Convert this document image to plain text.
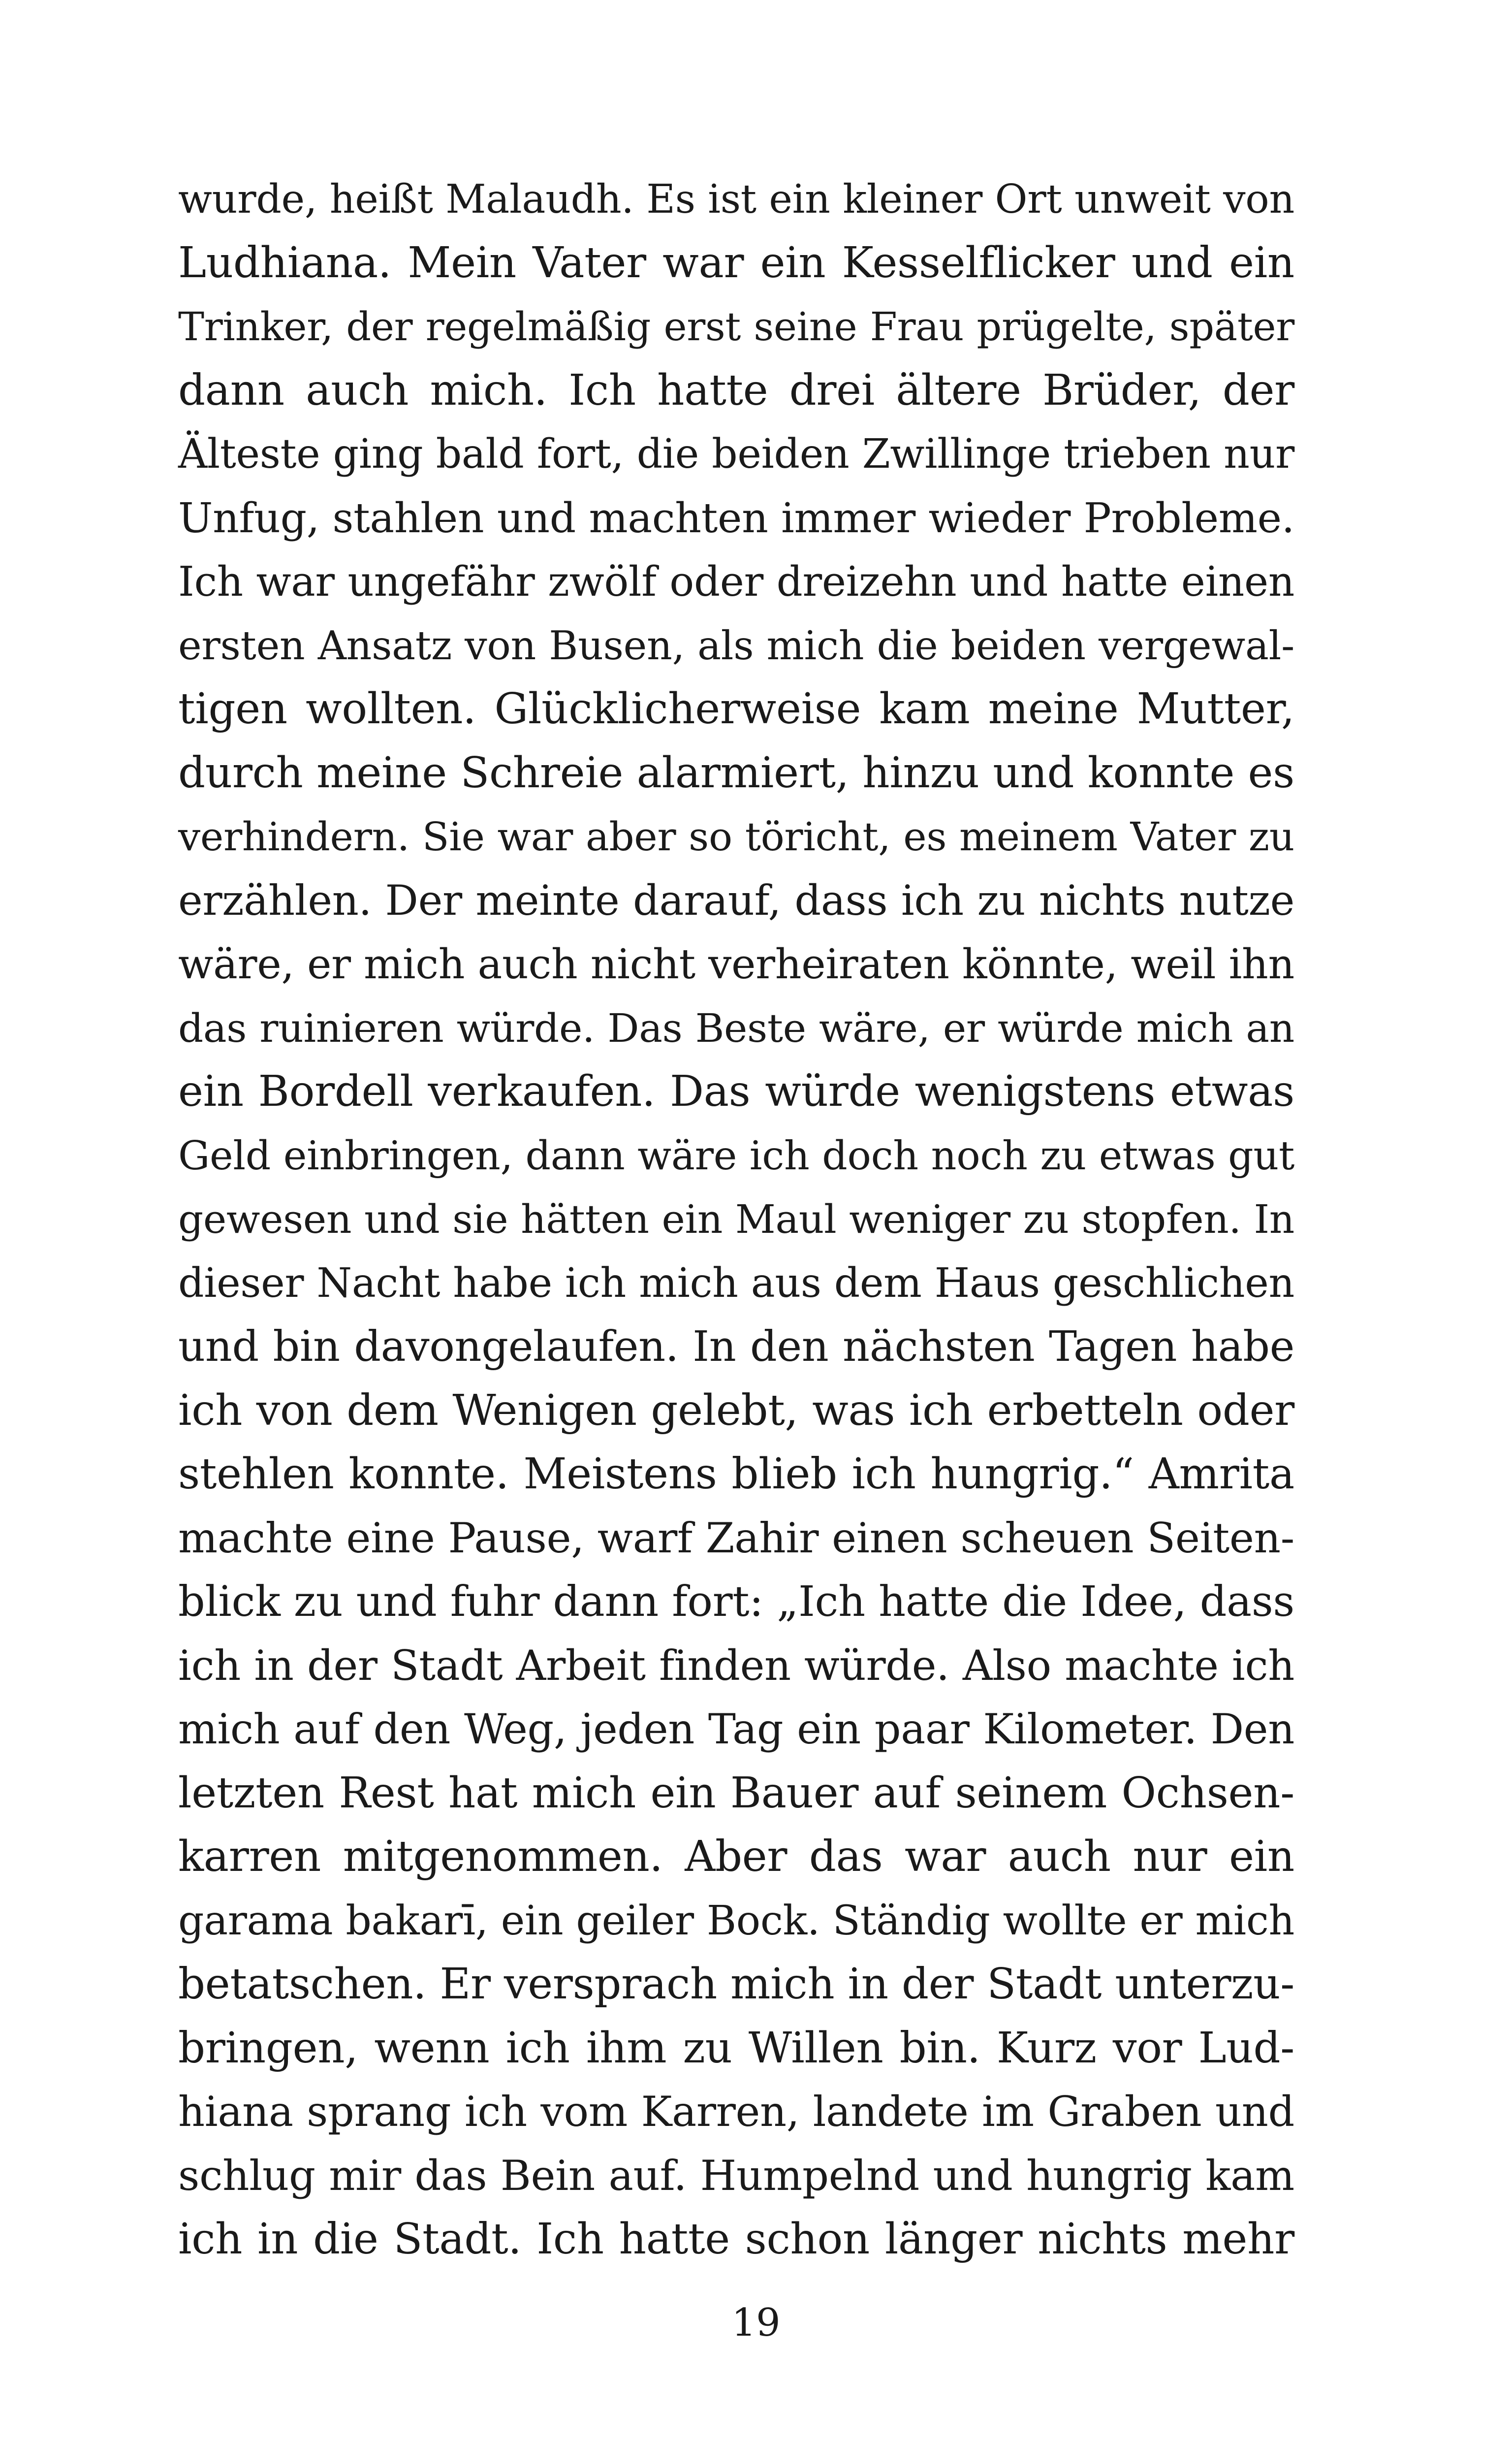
wurde, heißt Malaudh. Es ist ein kleiner Ort unweit von
Ludhiana. Mein Vater war ein Kesselflicker und ein
Trinker, der regelmäßig erst seine Frau prügelte, später
dann auch mich. Ich hatte drei ältere Brüder, der
Älteste ging bald fort, die beiden Zwillinge trieben nur
Unfug, stahlen und machten immer wieder Probleme.
Ich war ungefähr zwölf oder dreizehn und hatte einen
ersten Ansatz von Busen, als mich die beiden vergewal-
tigen wollten. Glücklicherweise kam meine Mutter,
durch meine Schreie alarmiert, hinzu und konnte es
verhindern. Sie war aber so töricht, es meinem Vater zu
erzählen. Der meinte darauf, dass ich zu nichts nutze
wäre, er mich auch nicht verheiraten könnte, weil ihn
das ruinieren würde. Das Beste wäre, er würde mich an
ein Bordell verkaufen. Das würde wenigstens etwas
Geld einbringen, dann wäre ich doch noch zu etwas gut
gewesen und sie hätten ein Maul weniger zu stopfen. In
dieser Nacht habe ich mich aus dem Haus geschlichen
und bin davongelaufen. In den nächsten Tagen habe
ich von dem Wenigen gelebt, was ich erbetteln oder
stehlen konnte. Meistens blieb ich hungrig.“ Amrita
machte eine Pause, warf Zahir einen scheuen Seiten-
blick zu und fuhr dann fort: „Ich hatte die Idee, dass
ich in der Stadt Arbeit finden würde. Also machte ich
mich auf den Weg, jeden Tag ein paar Kilometer. Den
letzten Rest hat mich ein Bauer auf seinem Ochsen-
karren mitgenommen. Aber das war auch nur ein
garama bakarī, ein geiler Bock. Ständig wollte er mich
betatschen. Er versprach mich in der Stadt unterzu-
bringen, wenn ich ihm zu Willen bin. Kurz vor Lud-
hiana sprang ich vom Karren, landete im Graben und
schlug mir das Bein auf. Humpelnd und hungrig kam
ich in die Stadt. Ich hatte schon länger nichts mehr
19
